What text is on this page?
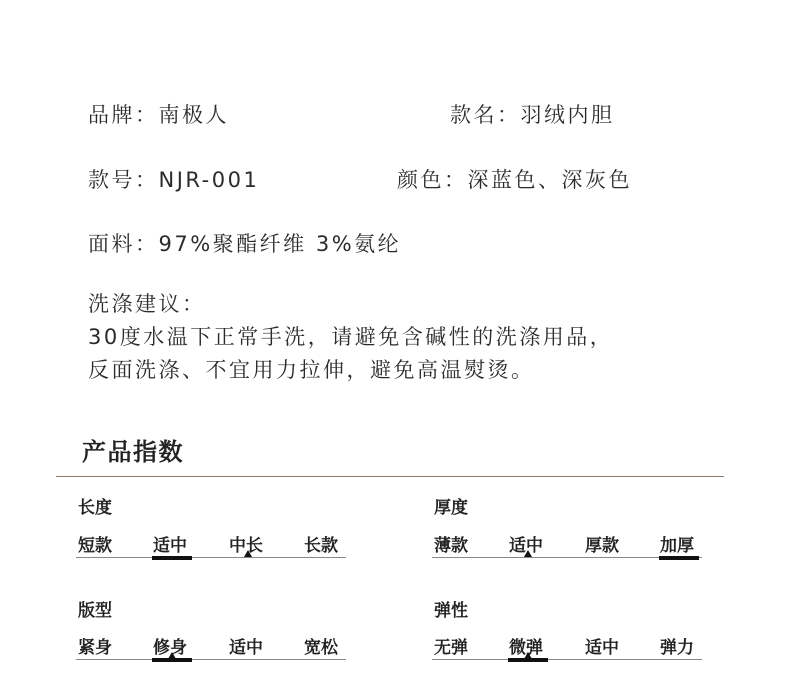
品牌：南极人	款名：羽绒内胆
款号：NJR-001	颜色：深蓝色、深灰色
面料：97%聚酯纤维 3%氨纶
洗涤建议：
30度水温下正常手洗，请避免含碱性的洗涤用品，
反面洗涤、不宜用力拉伸，避免高温熨烫。
产品指数
长度
短款 适中 中长 长款
厚度
薄款 适中 厚款 加厚
版型
紧身 修身 适中 宽松
弹性
无弹 微弹 适中 弹力
